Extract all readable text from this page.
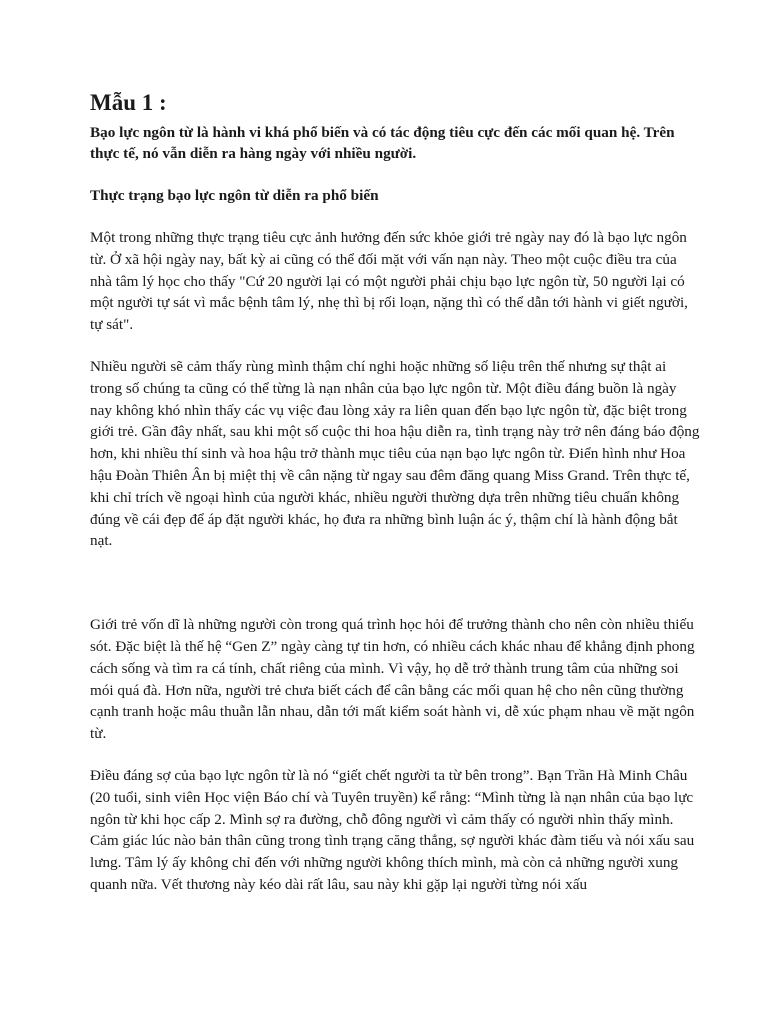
Mẫu 1 :

Bạo lực ngôn từ là hành vi khá phổ biến và có tác động tiêu cực đến các mối quan hệ. Trên thực tế, nó vẫn diễn ra hàng ngày với nhiều người.

Thực trạng bạo lực ngôn từ diễn ra phổ biến

Một trong những thực trạng tiêu cực ảnh hưởng đến sức khỏe giới trẻ ngày nay đó là bạo lực ngôn từ. Ở xã hội ngày nay, bất kỳ ai cũng có thể đối mặt với vấn nạn này. Theo một cuộc điều tra của nhà tâm lý học cho thấy "Cứ 20 người lại có một người phải chịu bạo lực ngôn từ, 50 người lại có một người tự sát vì mắc bệnh tâm lý, nhẹ thì bị rối loạn, nặng thì có thể dẫn tới hành vi giết người, tự sát".

Nhiều người sẽ cảm thấy rùng mình thậm chí nghi hoặc những số liệu trên thế nhưng sự thật ai trong số chúng ta cũng có thể từng là nạn nhân của bạo lực ngôn từ. Một điều đáng buồn là ngày nay không khó nhìn thấy các vụ việc đau lòng xảy ra liên quan đến bạo lực ngôn từ, đặc biệt trong giới trẻ. Gần đây nhất, sau khi một số cuộc thi hoa hậu diễn ra, tình trạng này trở nên đáng báo động hơn, khi nhiều thí sinh và hoa hậu trở thành mục tiêu của nạn bạo lực ngôn từ. Điển hình như Hoa hậu Đoàn Thiên Ân bị miệt thị về cân nặng từ ngay sau đêm đăng quang Miss Grand. Trên thực tế, khi chỉ trích về ngoại hình của người khác, nhiều người thường dựa trên những tiêu chuẩn không đúng về cái đẹp để áp đặt người khác, họ đưa ra những bình luận ác ý, thậm chí là hành động bắt nạt.

Giới trẻ vốn dĩ là những người còn trong quá trình học hỏi để trưởng thành cho nên còn nhiều thiếu sót. Đặc biệt là thế hệ “Gen Z” ngày càng tự tin hơn, có nhiều cách khác nhau để khẳng định phong cách sống và tìm ra cá tính, chất riêng của mình. Vì vậy, họ dễ trở thành trung tâm của những soi mói quá đà. Hơn nữa, người trẻ chưa biết cách để cân bằng các mối quan hệ cho nên cũng thường cạnh tranh hoặc mâu thuẫn lẫn nhau, dẫn tới mất kiểm soát hành vi, dễ xúc phạm nhau về mặt ngôn từ.

Điều đáng sợ của bạo lực ngôn từ là nó “giết chết người ta từ bên trong”. Bạn Trần Hà Minh Châu (20 tuổi, sinh viên Học viện Báo chí và Tuyên truyền) kể rằng: “Mình từng là nạn nhân của bạo lực ngôn từ khi học cấp 2. Mình sợ ra đường, chỗ đông người vì cảm thấy có người nhìn thấy mình. Cảm giác lúc nào bản thân cũng trong tình trạng căng thẳng, sợ người khác đàm tiếu và nói xấu sau lưng. Tâm lý ấy không chỉ đến với những người không thích mình, mà còn cả những người xung quanh nữa. Vết thương này kéo dài rất lâu, sau này khi gặp lại người từng nói xấu
